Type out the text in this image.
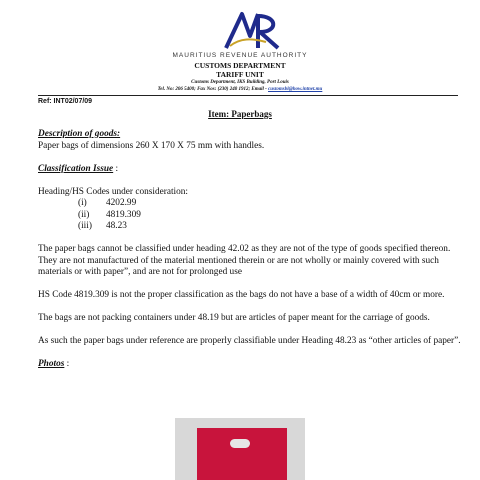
MAURITIUS REVENUE AUTHORITY
CUSTOMS DEPARTMENT
TARIFF UNIT
Customs Department, IKS Building, Port Louis
Tel. No: 206 5400; Fax Nos: (230) 240 1912; Email - customsbl@how.intnet.mu
Ref: INT02/07/09
Item: Paperbags

Description of goods:

Paper bags of dimensions 260 X 170 X 75 mm with handles.

Classification Issue :

Heading/HS Codes under consideration:

(i)	4202.99
(ii)	4819.309
(iii)	48.23

The paper bags cannot be classified under heading 42.02 as they are not of the type of goods specified thereon. They are not manufactured of the material mentioned therein or are not wholly or mainly covered with such materials or with paper”, and are not for prolonged use

HS Code 4819.309 is not the proper classification as the bags do not have a base of a width of 40cm or more.

The bags are not packing containers under 48.19 but are articles of paper meant for the carriage of goods.

As such the paper bags under reference are properly classifiable under Heading 48.23 as “other articles of paper”.

Photos :
